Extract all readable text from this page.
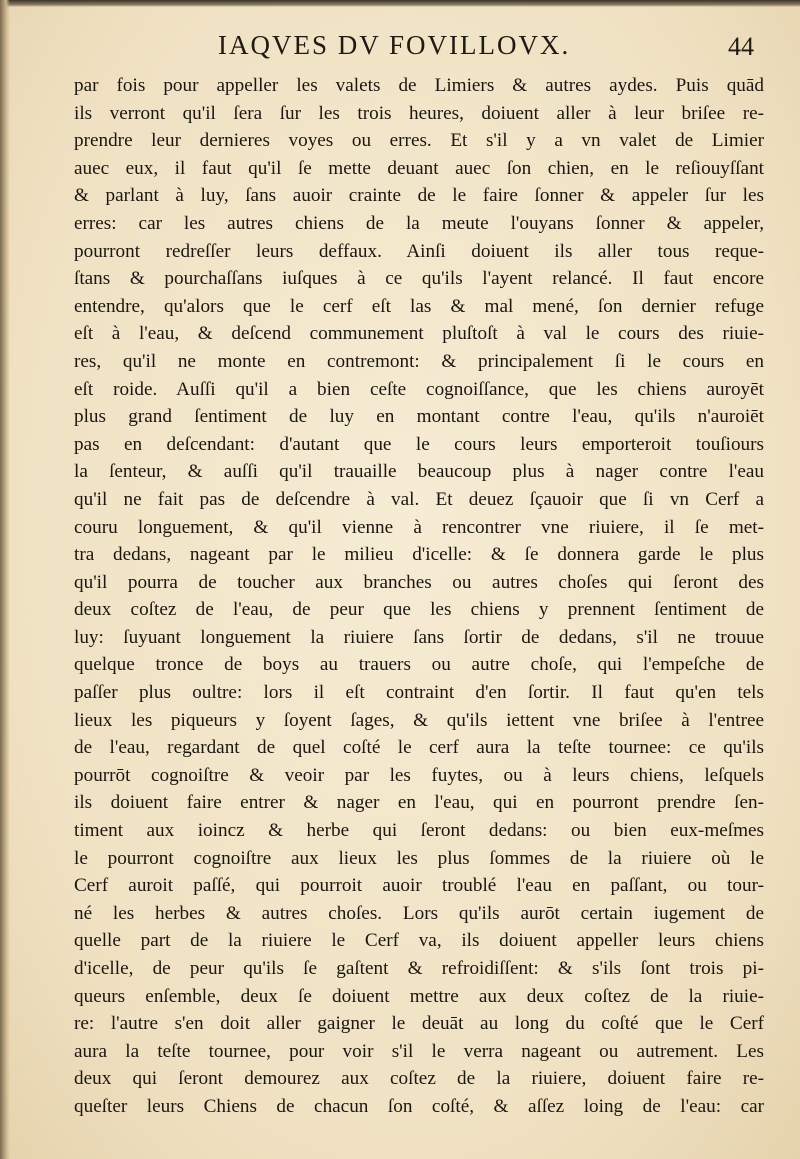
IAQVES DV FOVILLOVX.	44
par fois pour appeller les valets de Limiers & autres aydes. Puis quād
ils verront qu'il ſera ſur les trois heures, doiuent aller à leur briſee re-
prendre leur dernieres voyes ou erres. Et s'il y a vn valet de Limier
auec eux, il faut qu'il ſe mette deuant auec ſon chien, en le reſiouyſſant
& parlant à luy, ſans auoir crainte de le faire ſonner & appeler ſur les
erres: car les autres chiens de la meute l'ouyans ſonner & appeler,
pourront redreſſer leurs deffaux. Ainſi doiuent ils aller tous reque-
ſtans & pourchaſſans iuſques à ce qu'ils l'ayent relancé. Il faut encore
entendre, qu'alors que le cerf eſt las & mal mené, ſon dernier refuge
eſt à l'eau, & deſcend communement pluſtoſt à val le cours des riuie-
res, qu'il ne monte en contremont: & principalement ſi le cours en
eſt roide. Auſſi qu'il a bien ceſte cognoiſſance, que les chiens auroyēt
plus grand ſentiment de luy en montant contre l'eau, qu'ils n'auroiēt
pas en deſcendant: d'autant que le cours leurs emporteroit touſiours
la ſenteur, & auſſi qu'il trauaille beaucoup plus à nager contre l'eau
qu'il ne fait pas de deſcendre à val. Et deuez ſçauoir que ſi vn Cerf a
couru longuement, & qu'il vienne à rencontrer vne riuiere, il ſe met-
tra dedans, nageant par le milieu d'icelle: & ſe donnera garde le plus
qu'il pourra de toucher aux branches ou autres choſes qui ſeront des
deux coſtez de l'eau, de peur que les chiens y prennent ſentiment de
luy: ſuyuant longuement la riuiere ſans ſortir de dedans, s'il ne trouue
quelque tronce de boys au trauers ou autre choſe, qui l'empeſche de
paſſer plus oultre: lors il eſt contraint d'en ſortir. Il faut qu'en tels
lieux les piqueurs y ſoyent ſages, & qu'ils iettent vne briſee à l'entree
de l'eau, regardant de quel coſté le cerf aura la teſte tournee: ce qu'ils
pourrōt cognoiſtre & veoir par les fuytes, ou à leurs chiens, leſquels
ils doiuent faire entrer & nager en l'eau, qui en pourront prendre ſen-
timent aux ioincz & herbe qui ſeront dedans: ou bien eux-meſmes
le pourront cognoiſtre aux lieux les plus ſommes de la riuiere où le
Cerf auroit paſſé, qui pourroit auoir troublé l'eau en paſſant, ou tour-
né les herbes & autres choſes. Lors qu'ils aurōt certain iugement de
quelle part de la riuiere le Cerf va, ils doiuent appeller leurs chiens
d'icelle, de peur qu'ils ſe gaſtent & refroidiſſent: & s'ils ſont trois pi-
queurs enſemble, deux ſe doiuent mettre aux deux coſtez de la riuie-
re: l'autre s'en doit aller gaigner le deuāt au long du coſté que le Cerf
aura la teſte tournee, pour voir s'il le verra nageant ou autrement. Les
deux qui ſeront demourez aux coſtez de la riuiere, doiuent faire re-
queſter leurs Chiens de chacun ſon coſté, & aſſez loing de l'eau: car
